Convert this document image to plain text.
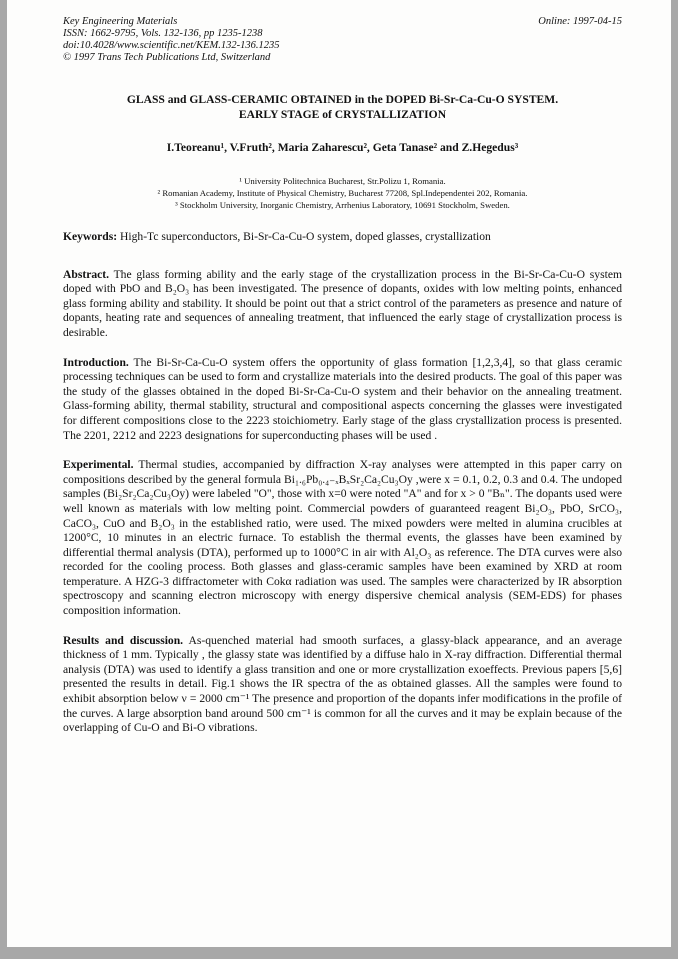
Key Engineering Materials
ISSN: 1662-9795, Vols. 132-136, pp 1235-1238
doi:10.4028/www.scientific.net/KEM.132-136.1235
© 1997 Trans Tech Publications Ltd, Switzerland
Online: 1997-04-15
GLASS and GLASS-CERAMIC OBTAINED in the DOPED Bi-Sr-Ca-Cu-O SYSTEM.
EARLY STAGE of CRYSTALLIZATION
I.Teoreanu¹, V.Fruth², Maria Zaharescu², Geta Tanase² and Z.Hegedus³
¹ University Politechnica Bucharest, Str.Polizu 1, Romania.
² Romanian Academy, Institute of Physical Chemistry, Bucharest 77208, Spl.Independentei 202, Romania.
³ Stockholm University, Inorganic Chemistry, Arrhenius Laboratory, 10691 Stockholm, Sweden.

Keywords: High-Tc superconductors, Bi-Sr-Ca-Cu-O system, doped glasses, crystallization

Abstract. The glass forming ability and the early stage of the crystallization process in the Bi-Sr-Ca-Cu-O system doped with PbO and B₂O₃ has been investigated. The presence of dopants, oxides with low melting points, enhanced glass forming ability and stability. It should be point out that a strict control of the parameters as presence and nature of dopants, heating rate and sequences of annealing treatment, that influenced the early stage of crystallization process is desirable.

Introduction. The Bi-Sr-Ca-Cu-O system offers the opportunity of glass formation [1,2,3,4], so that glass ceramic processing techniques can be used to form and crystallize materials into the desired products. The goal of this paper was the study of the glasses obtained in the doped Bi-Sr-Ca-Cu-O system and their behavior on the annealing treatment. Glass-forming ability, thermal stability, structural and compositional aspects concerning the glasses were investigated for different compositions close to the 2223 stoichiometry. Early stage of the glass crystallization process is presented. The 2201, 2212 and 2223 designations for superconducting phases will be used .

Experimental. Thermal studies, accompanied by diffraction X-ray analyses were attempted in this paper carry on compositions described by the general formula Bi₁.₆Pb₀.₄₋ₓBₓSr₂Ca₂Cu₃Oy ,were x = 0.1, 0.2, 0.3 and 0.4. The undoped samples (Bi₂Sr₂Ca₂Cu₃Oy) were labeled "O", those with x=0 were noted "A" and for x > 0 "Bₙ". The dopants used were well known as materials with low melting point. Commercial powders of guaranteed reagent Bi₂O₃, PbO, SrCO₃, CaCO₃, CuO and B₂O₃ in the established ratio, were used. The mixed powders were melted in alumina crucibles at 1200°C, 10 minutes in an electric furnace. To establish the thermal events, the glasses have been examined by differential thermal analysis (DTA), performed up to 1000°C in air with Al₂O₃ as reference. The DTA curves were also recorded for the cooling process. Both glasses and glass-ceramic samples have been examined by XRD at room temperature. A HZG-3 diffractometer with Cokα radiation was used. The samples were characterized by IR absorption spectroscopy and scanning electron microscopy with energy dispersive chemical analysis (SEM-EDS) for phases composition information.

Results and discussion. As-quenched material had smooth surfaces, a glassy-black appearance, and an average thickness of 1 mm. Typically , the glassy state was identified by a diffuse halo in X-ray diffraction. Differential thermal analysis (DTA) was used to identify a glass transition and one or more crystallization exoeffects. Previous papers [5,6] presented the results in detail. Fig.1 shows the IR spectra of the as obtained glasses. All the samples were found to exhibit absorption below ν = 2000 cm⁻¹ The presence and proportion of the dopants infer modifications in the profile of the curves. A large absorption band around 500 cm⁻¹ is common for all the curves and it may be explain because of the overlapping of Cu-O and Bi-O vibrations.
